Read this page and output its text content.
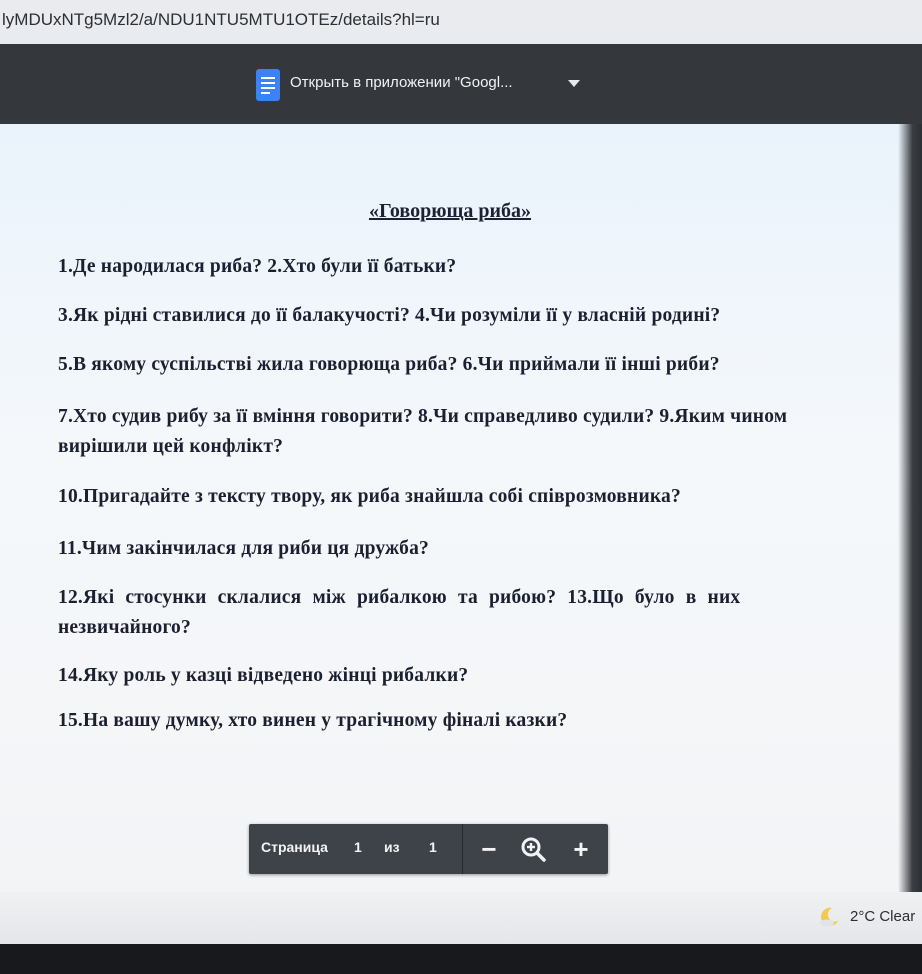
lyMDUxNTg5Mzl2/a/NDU1NTU5MTU1OTEz/details?hl=ru
Открыть в приложении "Googl...
«Говорюща риба»
1.Де народилася риба? 2.Хто були її батьки?
3.Як рідні ставилися до її балакучості? 4.Чи розуміли її у власній родині?
5.В якому суспільстві жила говорюща риба? 6.Чи приймали її інші риби?
7.Хто судив рибу за її вміння говорити? 8.Чи справедливо судили? 9.Яким чином вирішили цей конфлікт?
10.Пригадайте з тексту твору, як риба знайшла собі співрозмовника?
11.Чим закінчилася для риби ця дружба?
12.Які стосунки склалися між рибалкою та рибою? 13.Що було в них незвичайного?
14.Яку роль у казці відведено жінці рибалки?
15.На вашу думку, хто винен у трагічному фіналі казки?
Страница 1 из 1 −	+
2°C Clear
